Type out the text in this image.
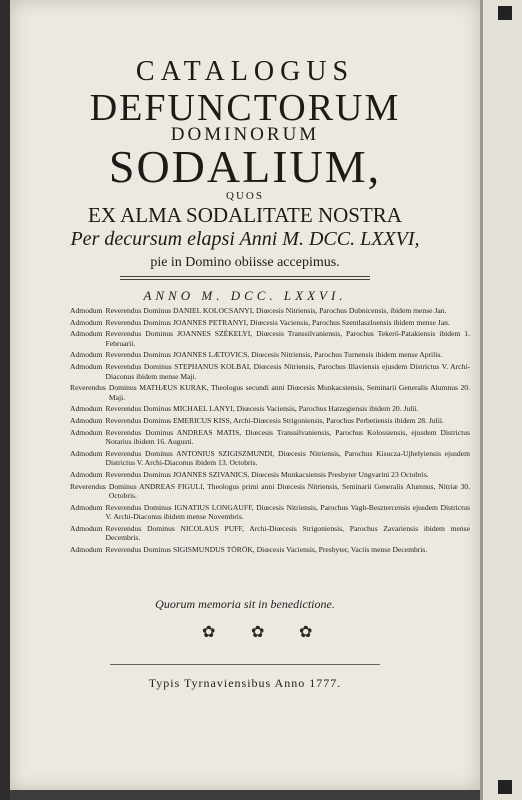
CATALOGUS
DEFUNCTORUM
DOMINORUM
SODALIUM,
QUOS
EX ALMA SODALITATE NOSTRA
Per decursum elapsi Anni M. DCC. LXXVI,
pie in Domino obiisse accepimus.
ANNO M. DCC. LXXVI.
Admodum Reverendus Dominus DANIEL KOLOCSANYI, Diœcesis Nitriensis, Parochus Dubnicensis, ibidem mense Jan.
Admodum Reverendus Dominus JOANNES PETRANYI, Diœcesis Vaciensis, Parochus Szentlaszloensis ibidem mense Jan.
Admodum Reverendus Dominus JOANNES SZÉKELYI, Diœcesis Transsilvaniensis, Parochus Tekerö-Patakiensis ibidem 1. Februarii.
Admodum Reverendus Dominus JOANNES LÆTOVICS, Diœcesis Nitriensis, Parochus Turnensis ibidem mense Aprilis.
Admodum Reverendus Dominus STEPHANUS KOLBAI, Diœcesis Nitriensis, Parochus Illaviensis ejusdem Districtus V. Archi-Diaconus ibidem mense Maji.
Reverendus Dominus MATHÆUS KURAK, Theologus secundi anni Diœcesis Munkacsiensis, Seminarii Generalis Alumnus 20. Maji.
Admodum Reverendus Dominus MICHAEL LANYI, Diœcesis Vaciensis, Parochus Hatzegiensis ibidem 20. Julii.
Admodum Reverendus Dominus EMERICUS KISS, Archi-Diœcesis Strigoniensis, Parochus Perbetiensis ibidem 28. Julii.
Admodum Reverendus Dominus ANDREAS MATIS, Diœcesis Transsilvaniensis, Parochus Kolossiensis, ejusdem Districtus Notarius ibidem 16. Augusti.
Admodum Reverendus Dominus ANTONIUS SZIGISZMUNDI, Diœcesis Nitriensis, Parochus Kisucza-Ujhelyiensis ejusdem Districtus V. Archi-Diaconus ibidem 13. Octobris.
Admodum Reverendus Dominus JOANNES SZIVANICS, Diœcesis Munkacsiensis Presbyter Ungvarini 23 Octobris.
Reverendus Dominus ANDREAS FIGULI, Theologus primi anni Diœcesis Nitriensis, Seminarii Generalis Alumnus, Nitriæ 30. Octobris.
Admodum Reverendus Dominus IGNATIUS LONGAUFF, Diœcesis Nitriensis, Parochus Vagh-Besztercensis ejusdem Districtus V. Archi-Diaconus ibidem mense Novembris.
Admodum Reverendus Dominus NICOLAUS PUFF, Archi-Diœcesis Strigoniensis, Parochus Zavariensis ibidem mense Decembris.
Admodum Reverendus Dominus SIGISMUNDUS TÖRÖK, Diœcesis Vaciensis, Presbyter, Vaciis mense Decembris.
Quorum memoria sit in benedictione.
✿ ✿ ✿
Typis Tyrnaviensibus Anno 1777.
